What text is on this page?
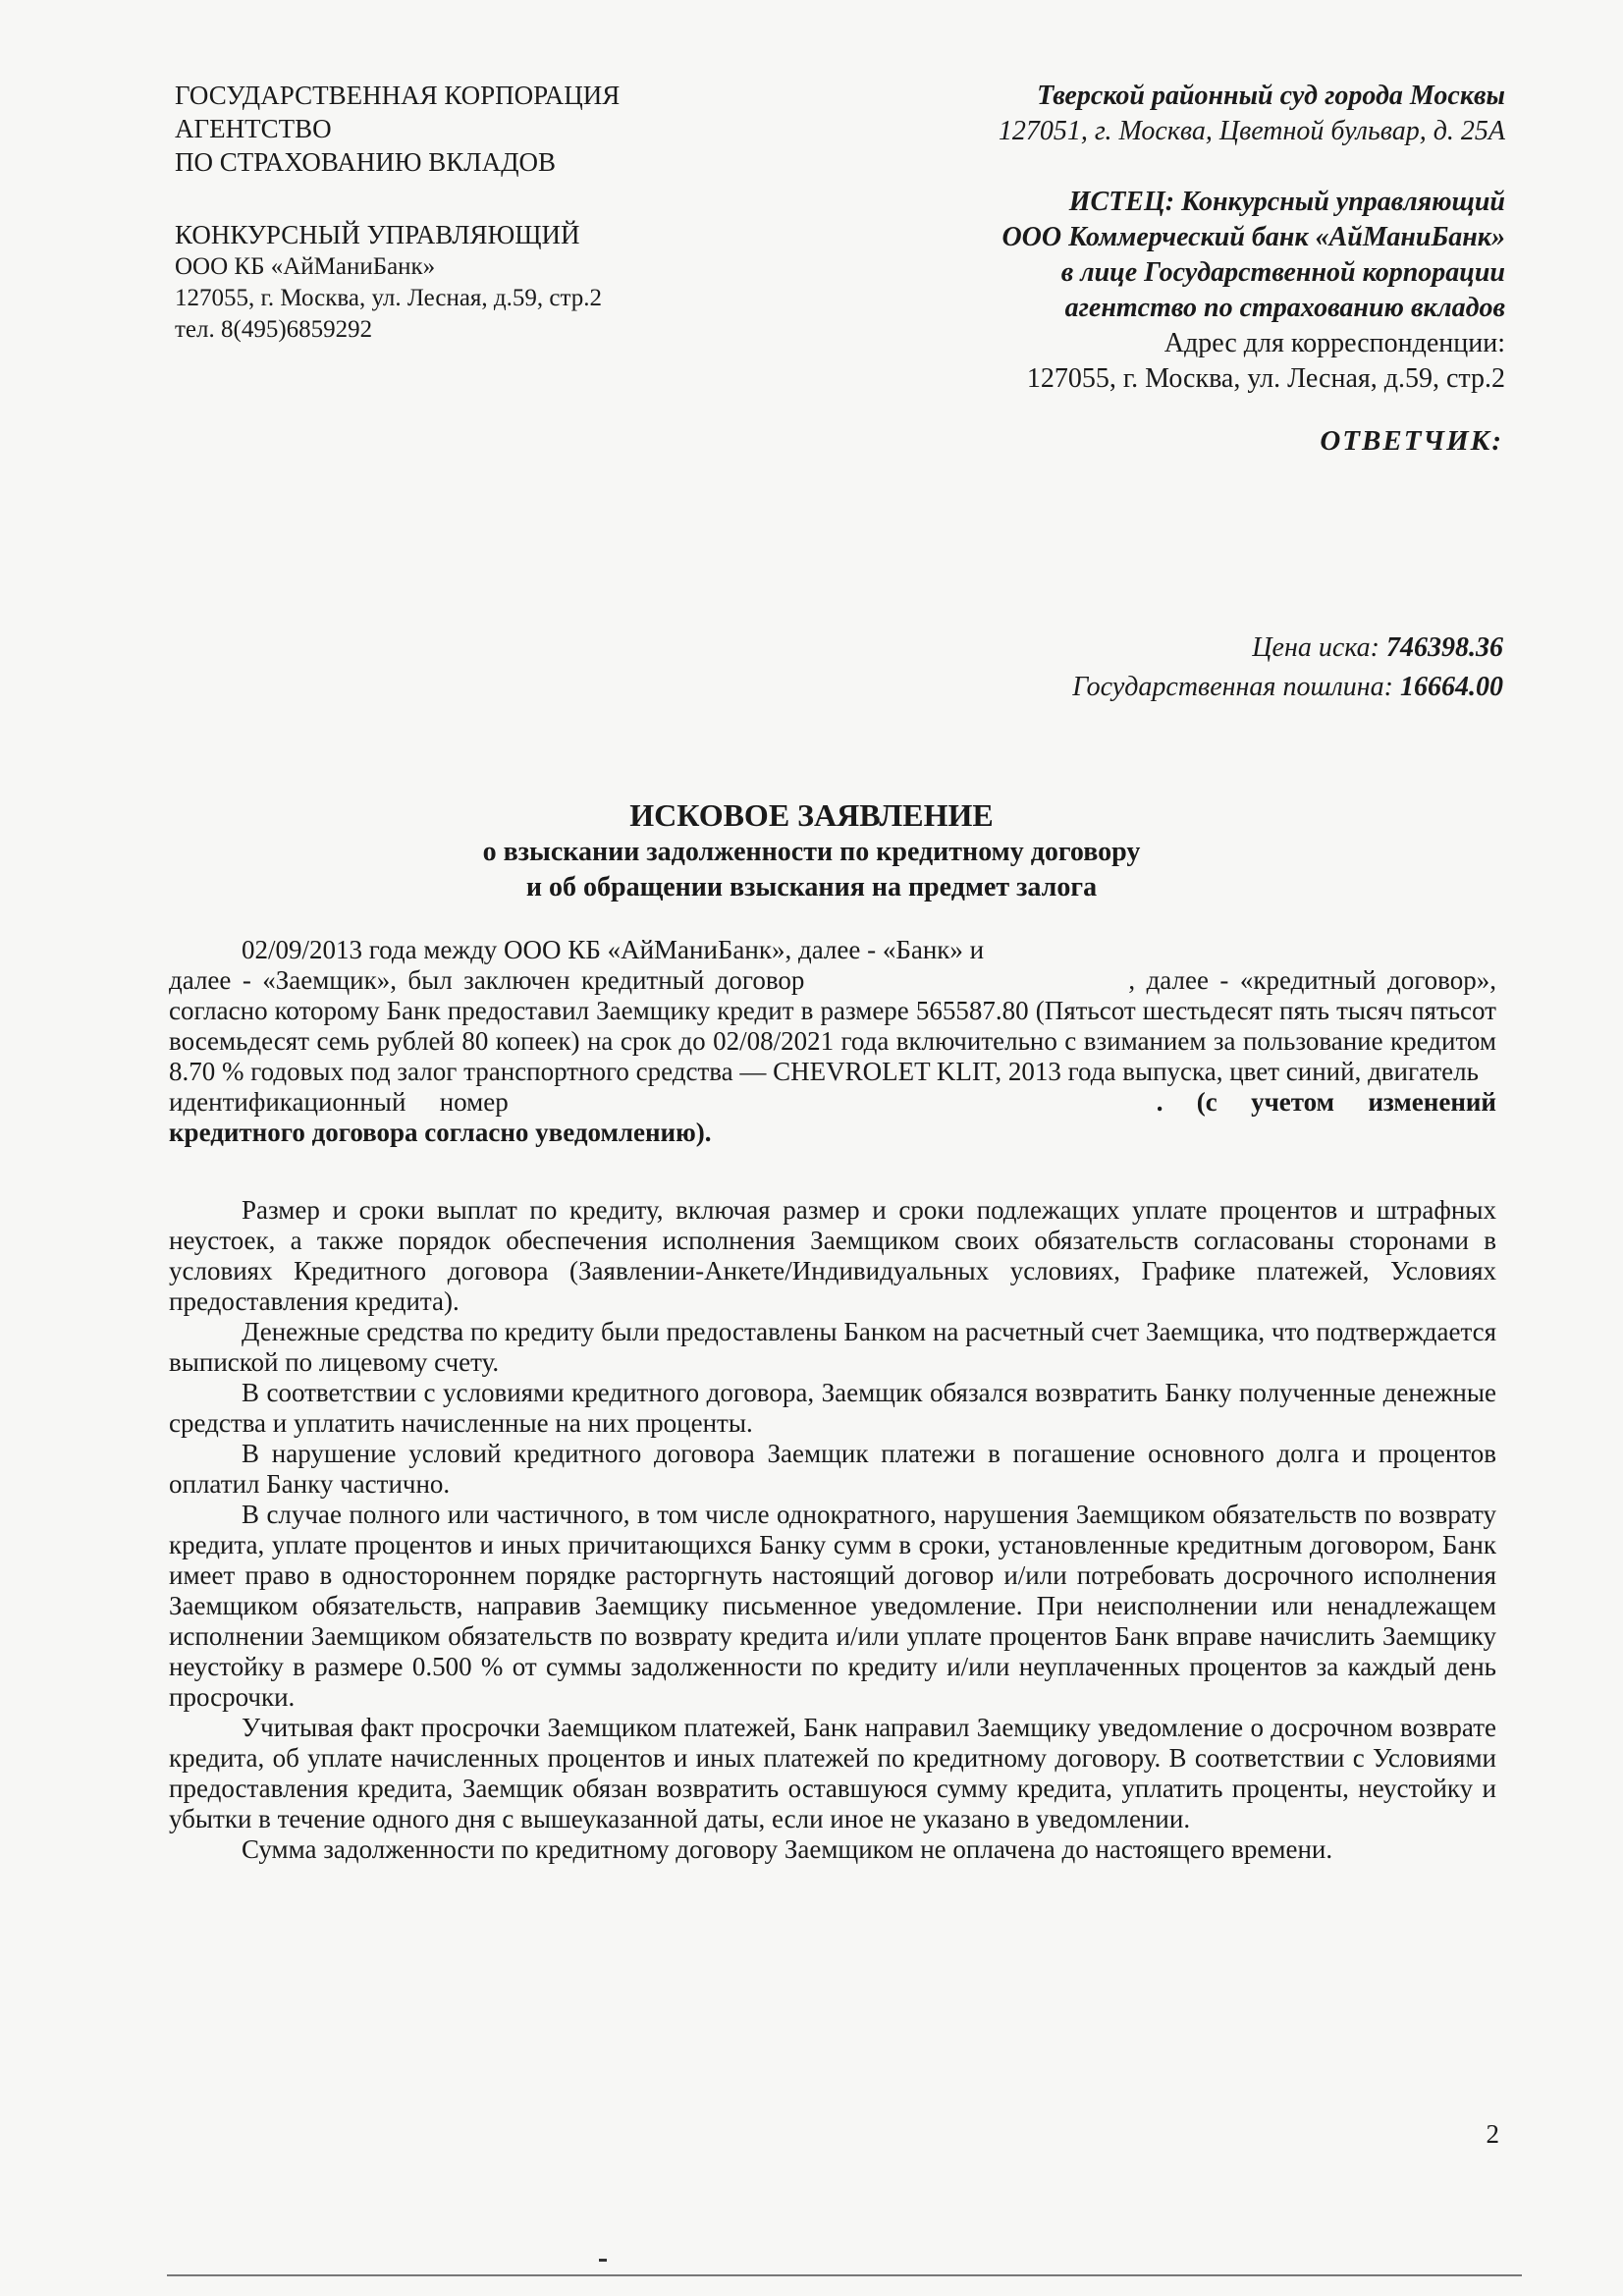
ГОСУДАРСТВЕННАЯ КОРПОРАЦИЯ
АГЕНТСТВО
ПО СТРАХОВАНИЮ ВКЛАДОВ
КОНКУРСНЫЙ УПРАВЛЯЮЩИЙ
ООО КБ «АйМаниБанк»
127055, г. Москва, ул. Лесная, д.59, стр.2
тел. 8(495)6859292
Тверской районный суд города Москвы
127051, г. Москва, Цветной бульвар, д. 25А
ИСТЕЦ: Конкурсный управляющий
ООО Коммерческий банк «АйМаниБанк»
в лице Государственной корпорации
агентство по страхованию вкладов
Адрес для корреспонденции:
127055, г. Москва, ул. Лесная, д.59, стр.2
ОТВЕТЧИК:
Цена иска: 746398.36
Государственная пошлина: 16664.00
ИСКОВОЕ ЗАЯВЛЕНИЕ
о взыскании задолженности по кредитному договору
и об обращении взыскания на предмет залога

02/09/2013 года между ООО КБ «АйМаниБанк», далее - «Банк» и
далее - «Заемщик», был заключен кредитный договор	, далее - «кредитный договор», согласно которому Банк предоставил Заемщику кредит в размере 565587.80 (Пятьсот шестьдесят пять тысяч пятьсот восемьдесят семь рублей 80 копеек) на срок до 02/08/2021 года включительно с взиманием за пользование кредитом 8.70 % годовых под залог транспортного средства — CHEVROLET KLIT, 2013 года выпуска, цвет синий, двигатель
идентификационный номер	. (с учетом изменений кредитного договора согласно уведомлению).

Размер и сроки выплат по кредиту, включая размер и сроки подлежащих уплате процентов и штрафных неустоек, а также порядок обеспечения исполнения Заемщиком своих обязательств согласованы сторонами в условиях Кредитного договора (Заявлении-Анкете/Индивидуальных условиях, Графике платежей, Условиях предоставления кредита).

Денежные средства по кредиту были предоставлены Банком на расчетный счет Заемщика, что подтверждается выпиской по лицевому счету.

В соответствии с условиями кредитного договора, Заемщик обязался возвратить Банку полученные денежные средства и уплатить начисленные на них проценты.

В нарушение условий кредитного договора Заемщик платежи в погашение основного долга и процентов оплатил Банку частично.

В случае полного или частичного, в том числе однократного, нарушения Заемщиком обязательств по возврату кредита, уплате процентов и иных причитающихся Банку сумм в сроки, установленные кредитным договором, Банк имеет право в одностороннем порядке расторгнуть настоящий договор и/или потребовать досрочного исполнения Заемщиком обязательств, направив Заемщику письменное уведомление. При неисполнении или ненадлежащем исполнении Заемщиком обязательств по возврату кредита и/или уплате процентов Банк вправе начислить Заемщику неустойку в размере 0.500 % от суммы задолженности по кредиту и/или неуплаченных процентов за каждый день просрочки.

Учитывая факт просрочки Заемщиком платежей, Банк направил Заемщику уведомление о досрочном возврате кредита, об уплате начисленных процентов и иных платежей по кредитному договору. В соответствии с Условиями предоставления кредита, Заемщик обязан возвратить оставшуюся сумму кредита, уплатить проценты, неустойку и убытки в течение одного дня с вышеуказанной даты, если иное не указано в уведомлении.

Сумма задолженности по кредитному договору Заемщиком не оплачена до настоящего времени.

2
